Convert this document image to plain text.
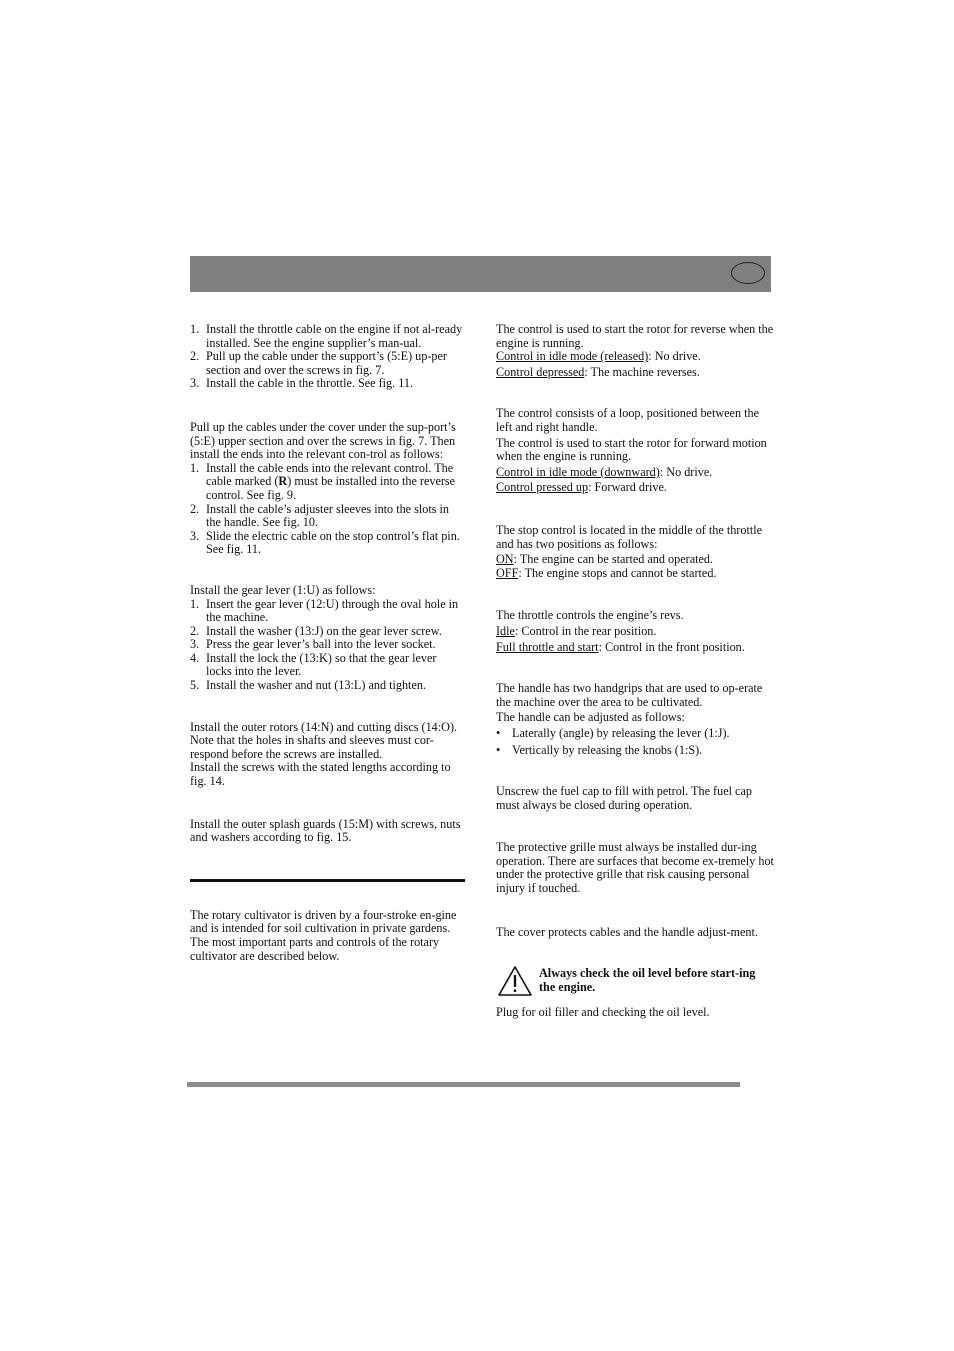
1. Install the throttle cable on the engine if not al-ready installed. See the engine supplier’s man-ual.
2. Pull up the cable under the support’s (5:E) up-per section and over the screws in fig. 7.
3. Install the cable in the throttle. See fig. 11.

Pull up the cables under the cover under the sup-port’s (5:E) upper section and over the screws in fig. 7. Then install the ends into the relevant con-trol as follows:

1. Install the cable ends into the relevant control. The cable marked (R) must be installed into the reverse control. See fig. 9.
2. Install the cable’s adjuster sleeves into the slots in the handle. See fig. 10.
3. Slide the electric cable on the stop control’s flat pin. See fig. 11.

Install the gear lever (1:U) as follows:

1. Insert the gear lever (12:U) through the oval hole in the machine.
2. Install the washer (13:J) on the gear lever screw.
3. Press the gear lever’s ball into the lever socket.
4. Install the lock the (13:K) so that the gear lever locks into the lever.
5. Install the washer and nut (13:L) and tighten.

Install the outer rotors (14:N) and cutting discs (14:O).

Note that the holes in shafts and sleeves must cor-respond before the screws are installed.

Install the screws with the stated lengths according to fig. 14.

Install the outer splash guards (15:M) with screws, nuts and washers according to fig. 15.

The rotary cultivator is driven by a four-stroke en-gine and is intended for soil cultivation in private gardens. The most important parts and controls of the rotary cultivator are described below.

The control is used to start the rotor for reverse when the engine is running.

Control in idle mode (released): No drive.

Control depressed: The machine reverses.

The control consists of a loop, positioned between the left and right handle.

The control is used to start the rotor for forward motion when the engine is running.

Control in idle mode (downward): No drive.

Control pressed up: Forward drive.

The stop control is located in the middle of the throttle and has two positions as follows:

ON: The engine can be started and operated.

OFF: The engine stops and cannot be started.

The throttle controls the engine’s revs.

Idle: Control in the rear position.

Full throttle and start: Control in the front position.

The handle has two handgrips that are used to op-erate the machine over the area to be cultivated.

The handle can be adjusted as follows:

• Laterally (angle) by releasing the lever (1:J).
• Vertically by releasing the knobs (1:S).

Unscrew the fuel cap to fill with petrol. The fuel cap must always be closed during operation.

The protective grille must always be installed dur-ing operation. There are surfaces that become ex-tremely hot under the protective grille that risk causing personal injury if touched.

The cover protects cables and the handle adjust-ment.

Always check the oil level before start-ing the engine.

Plug for oil filler and checking the oil level.
